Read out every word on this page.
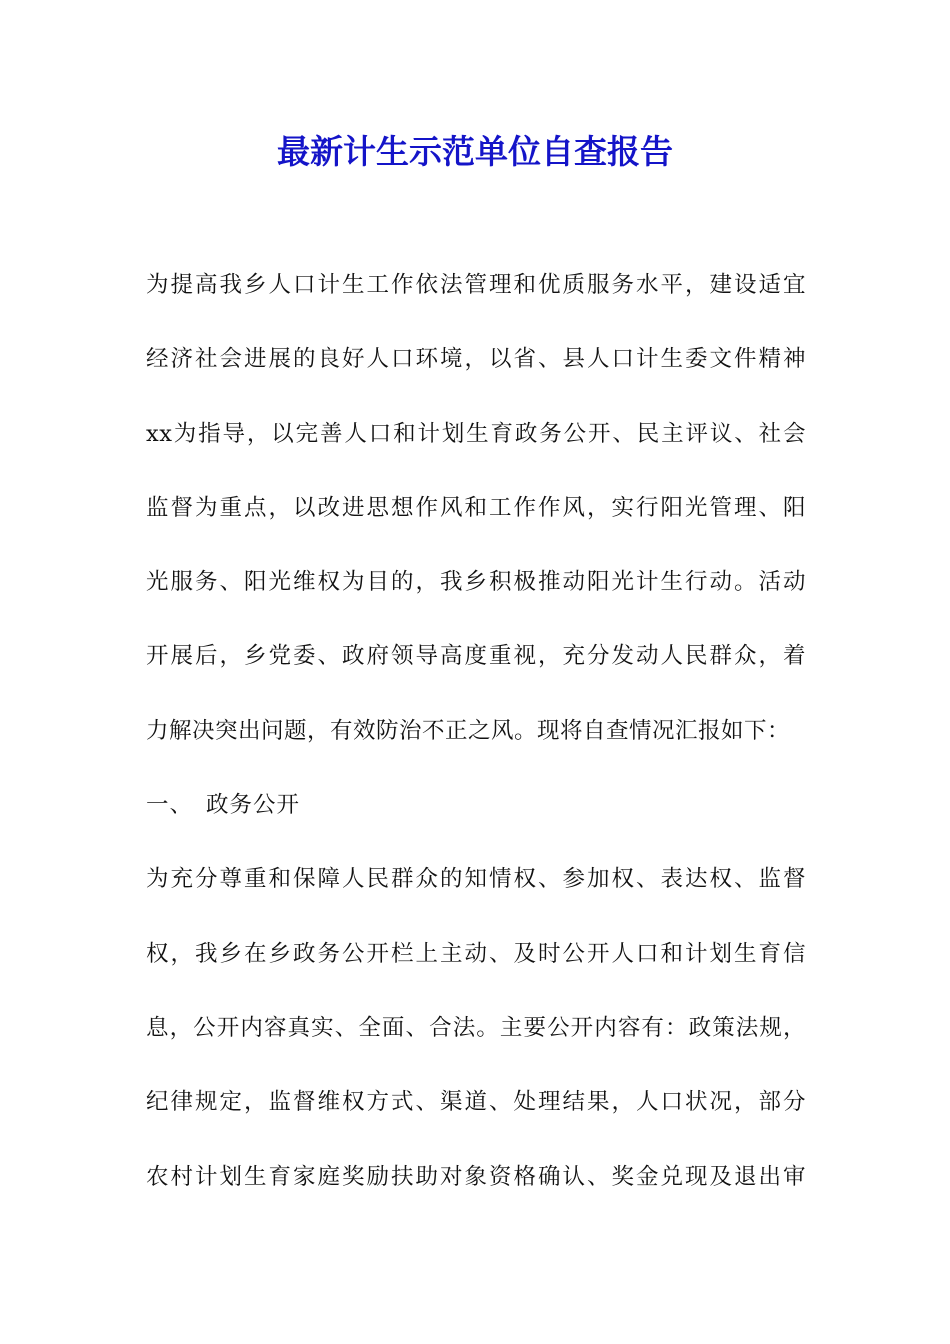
最新计生示范单位自查报告
为提高我乡人口计生工作依法管理和优质服务水平，建设适宜
经济社会进展的良好人口环境，以省、县人口计生委文件精神
xx为指导，以完善人口和计划生育政务公开、民主评议、社会
监督为重点，以改进思想作风和工作作风，实行阳光管理、阳
光服务、阳光维权为目的，我乡积极推动阳光计生行动。活动
开展后，乡党委、政府领导高度重视，充分发动人民群众，着
力解决突出问题，有效防治不正之风。现将自查情况汇报如下：
一、 政务公开
为充分尊重和保障人民群众的知情权、参加权、表达权、监督
权，我乡在乡政务公开栏上主动、及时公开人口和计划生育信
息，公开内容真实、全面、合法。主要公开内容有：政策法规，
纪律规定，监督维权方式、渠道、处理结果，人口状况，部分
农村计划生育家庭奖励扶助对象资格确认、奖金兑现及退出审
